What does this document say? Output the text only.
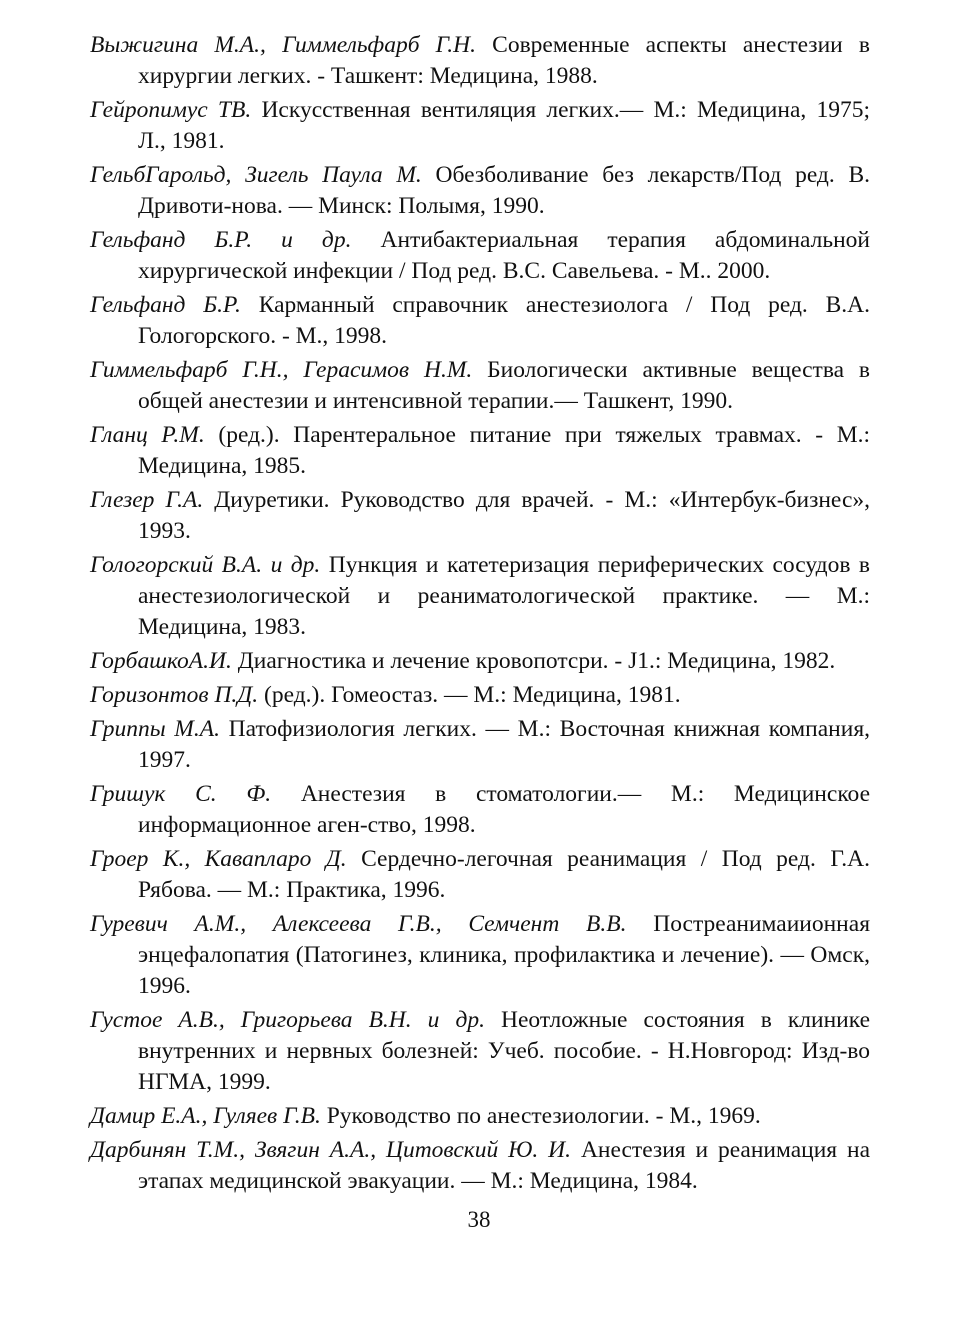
Выжигина М.А., Гиммельфарб Г.Н. Современные аспекты анестезии в хирургии легких. - Ташкент: Медицина, 1988.

Гейропимус ТВ. Искусственная вентиляция легких.— М.: Медицина, 1975; Л., 1981.

ГельбГарольд, Зигель Паула М. Обезболивание без лекарств/Под ред. В. Дривоти-нова. — Минск: Полымя, 1990.

Гельфанд Б.Р. и др. Антибактериальная терапия абдоминальной хирургической инфекции / Под ред. В.С. Савельева. - М.. 2000.

Гельфанд Б.Р. Карманный справочник анестезиолога / Под ред. В.А. Гологорского. - М., 1998.

Гиммельфарб Г.Н., Герасимов Н.М. Биологически активные вещества в общей анестезии и интенсивной терапии.— Ташкент, 1990.

Гланц Р.М. (ред.). Парентеральное питание при тяжелых травмах. - М.: Медицина, 1985.

Глезер Г.А. Диуретики. Руководство для врачей. - М.: «Интербук-бизнес», 1993.

Гологорский В.А. и др. Пункция и катетеризация периферических сосудов в анестезиологической и реаниматологической практике. — М.: Медицина, 1983.

ГорбашкоА.И. Диагностика и лечение кровопотсри. - J1.: Медицина, 1982.

Горизонтов П.Д. (ред.). Гомеостаз. — М.: Медицина, 1981.

Гриппы М.А. Патофизиология легких. — М.: Восточная книжная компания, 1997.

Гришук С. Ф. Анестезия в стоматологии.— М.: Медицинское информационное аген-ство, 1998.

Гроер К., Каваплаpо Д. Сердечно-легочная реанимация / Под ред. Г.А. Рябова. — М.: Практика, 1996.

Гуревич А.М., Алексеева Г.В., Семчент В.В. Постреанимаиионная энцефалопатия (Патогинез, клиника, профилактика и лечение). — Омск, 1996.

Густое А.В., Григорьева В.Н. и др. Неотложные состояния в клинике внутренних и нервных болезней: Учеб. пособие. - Н.Новгород: Изд-во НГМА, 1999.

Дамир Е.А., Гуляев Г.В. Руководство по анестезиологии. - М., 1969.

Дарбинян Т.М., Звягин А.А., Цитовский Ю. И. Анестезия и реанимация на этапах медицинской эвакуации. — М.: Медицина, 1984.

38
